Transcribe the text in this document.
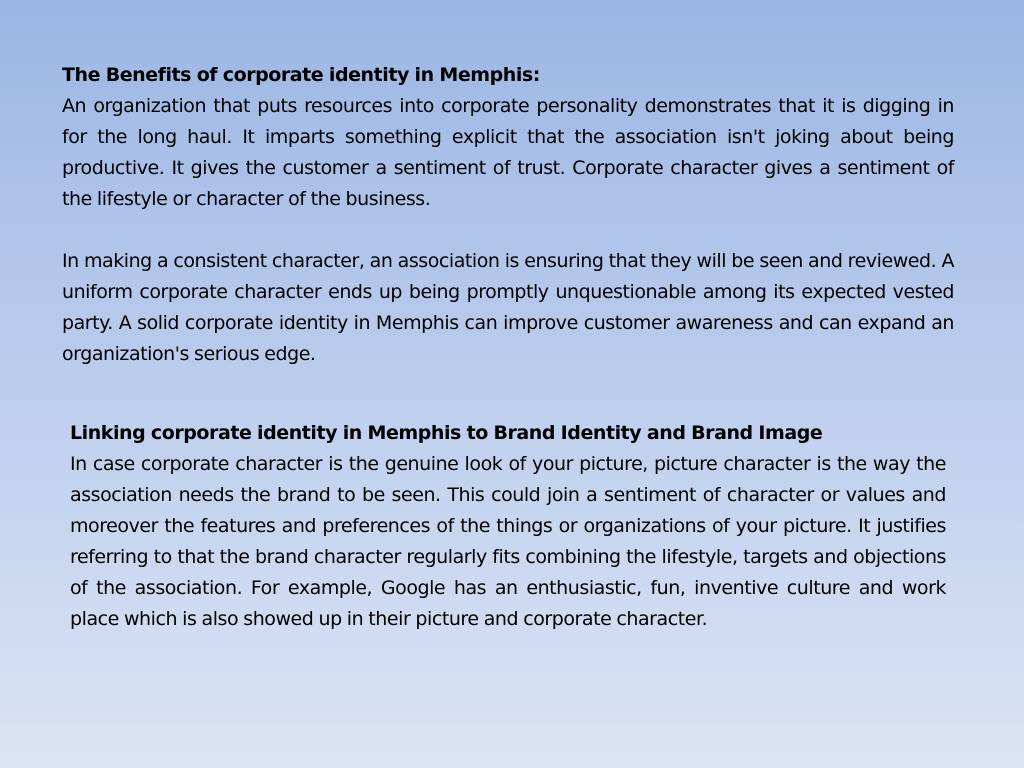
The Benefits of corporate identity in Memphis:

An organization that puts resources into corporate personality demonstrates that it is digging in for the long haul. It imparts something explicit that the association isn't joking about being productive. It gives the customer a sentiment of trust. Corporate character gives a sentiment of the lifestyle or character of the business.

In making a consistent character, an association is ensuring that they will be seen and reviewed. A uniform corporate character ends up being promptly unquestionable among its expected vested party. A solid corporate identity in Memphis can improve customer awareness and can expand an organization's serious edge.

Linking corporate identity in Memphis to Brand Identity and Brand Image

In case corporate character is the genuine look of your picture, picture character is the way the association needs the brand to be seen. This could join a sentiment of character or values and moreover the features and preferences of the things or organizations of your picture. It justifies referring to that the brand character regularly fits combining the lifestyle, targets and objections of the association. For example, Google has an enthusiastic, fun, inventive culture and work place which is also showed up in their picture and corporate character.
